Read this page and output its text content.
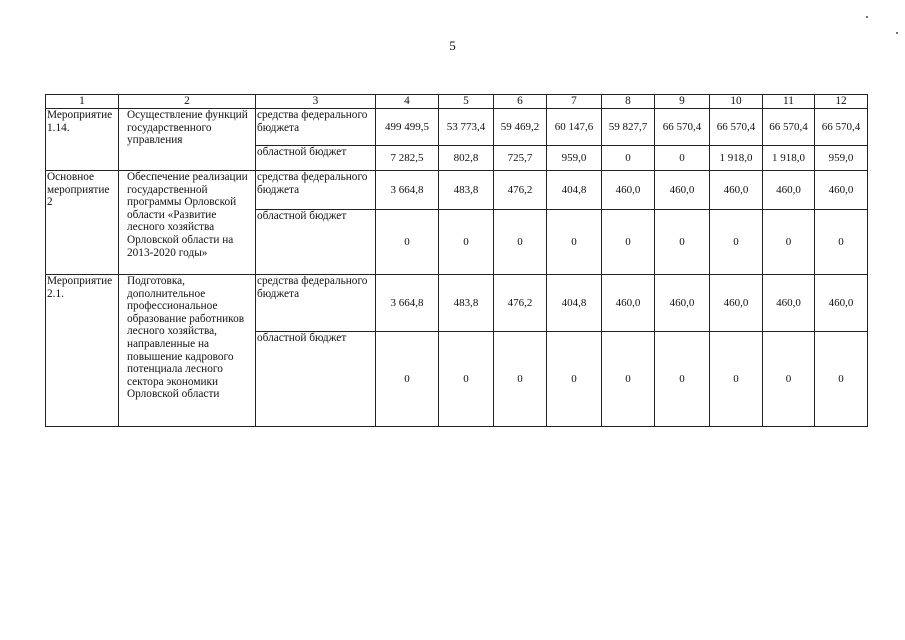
5
1	2	3	4	5	6	7	8	9	10	11	12
Мероприятие 1.14.	Осуществление функций государственного управления	средства федерального бюджета	499 499,5	53 773,4	59 469,2	60 147,6	59 827,7	66 570,4	66 570,4	66 570,4	66 570,4
		областной бюджет	7 282,5	802,8	725,7	959,0	0	0	1 918,0	1 918,0	959,0
Основное мероприятие 2	Обеспечение реализации государственной программы Орловской области «Развитие лесного хозяйства Орловской области на 2013-2020 годы»	средства федерального бюджета	3 664,8	483,8	476,2	404,8	460,0	460,0	460,0	460,0	460,0
		областной бюджет	0	0	0	0	0	0	0	0	0
Мероприятие 2.1.	Подготовка, дополнительное профессиональное образование работников лесного хозяйства, направленные на повышение кадрового потенциала лесного сектора экономики Орловской области	средства федерального бюджета	3 664,8	483,8	476,2	404,8	460,0	460,0	460,0	460,0	460,0
		областной бюджет	0	0	0	0	0	0	0	0	0
